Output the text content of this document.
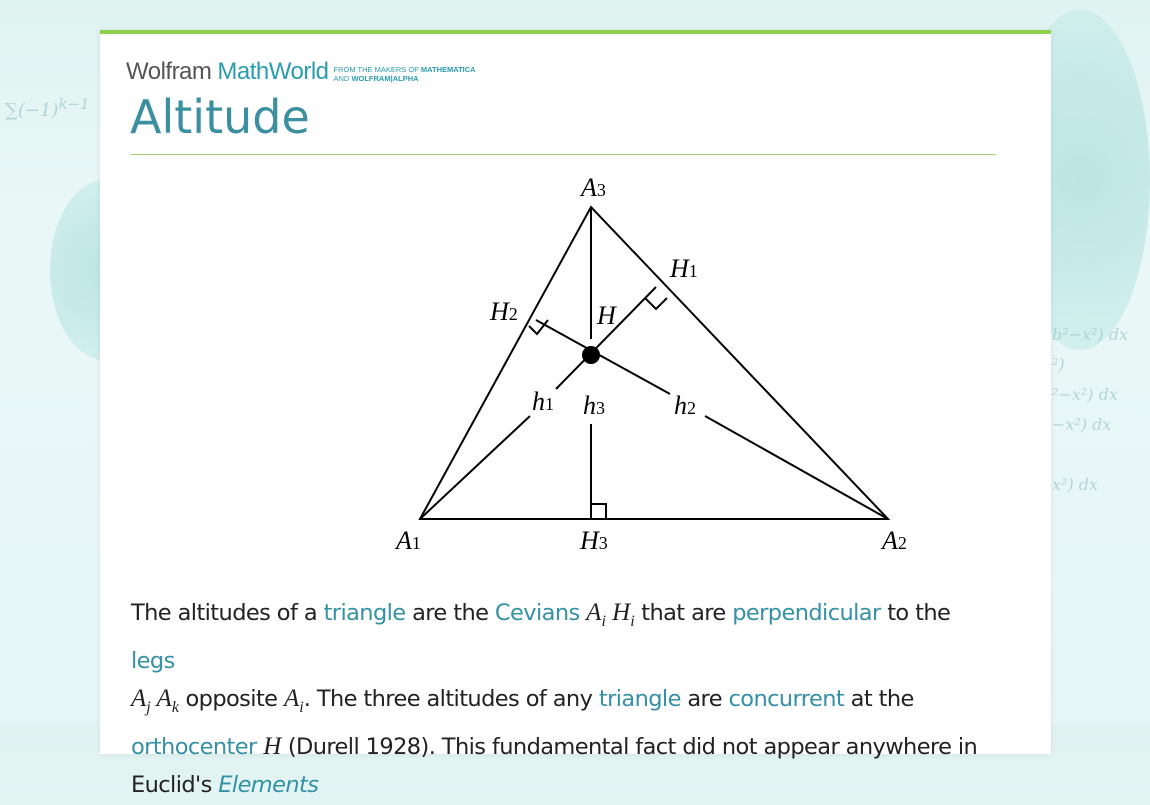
$\sum(-1)^{k-1}$
b²−x²) dx
²)
²−x²) dx
−x²) dx

x²) dx
Wolfram MathWorld FROM THE MAKERS OF MATHEMATICA
AND WOLFRAM|ALPHA
Altitude
A3
H1
H2	H
h1 h3	h2
A1	H3	A2
The altitudes of a triangle are the Cevians $A_i$ $H_i$ that are perpendicular to the legs
$A_j$ $A_k$ opposite $A_i$. The three altitudes of any triangle are concurrent at the
orthocenter H (Durell 1928). This fundamental fact did not appear anywhere in
Euclid's Elements
